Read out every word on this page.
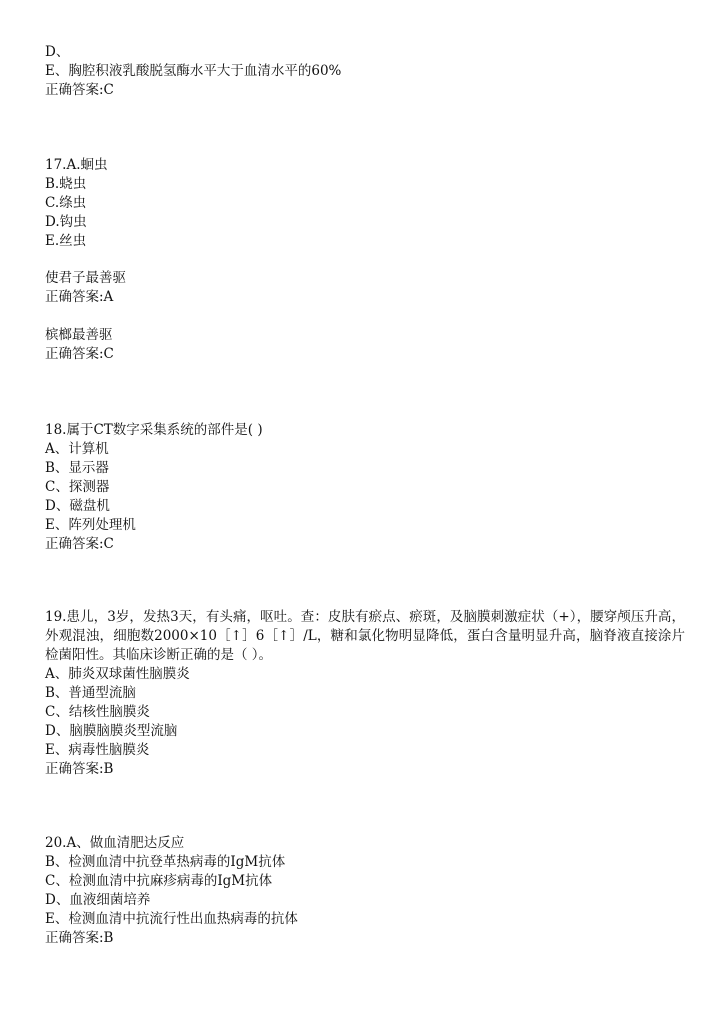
D、
E、胸腔积液乳酸脱氢酶水平大于血清水平的60%
正确答案:C
17.A.蛔虫
B.蛲虫
C.绦虫
D.钩虫
E.丝虫
使君子最善驱
正确答案:A
槟榔最善驱
正确答案:C
18.属于CT数字采集系统的部件是( )
A、计算机
B、显示器
C、探测器
D、磁盘机
E、阵列处理机
正确答案:C
19.患儿，3岁，发热3天，有头痛，呕吐。查：皮肤有瘀点、瘀斑，及脑膜刺激症状（+），腰穿颅压升高，外观混浊，细胞数2000×10［↑］6［↑］/L，糖和氯化物明显降低，蛋白含量明显升高，脑脊液直接涂片检菌阳性。其临床诊断正确的是（ ）。
A、肺炎双球菌性脑膜炎
B、普通型流脑
C、结核性脑膜炎
D、脑膜脑膜炎型流脑
E、病毒性脑膜炎
正确答案:B
20.A、做血清肥达反应
B、检测血清中抗登革热病毒的IgM抗体
C、检测血清中抗麻疹病毒的IgM抗体
D、血液细菌培养
E、检测血清中抗流行性出血热病毒的抗体
正确答案:B
